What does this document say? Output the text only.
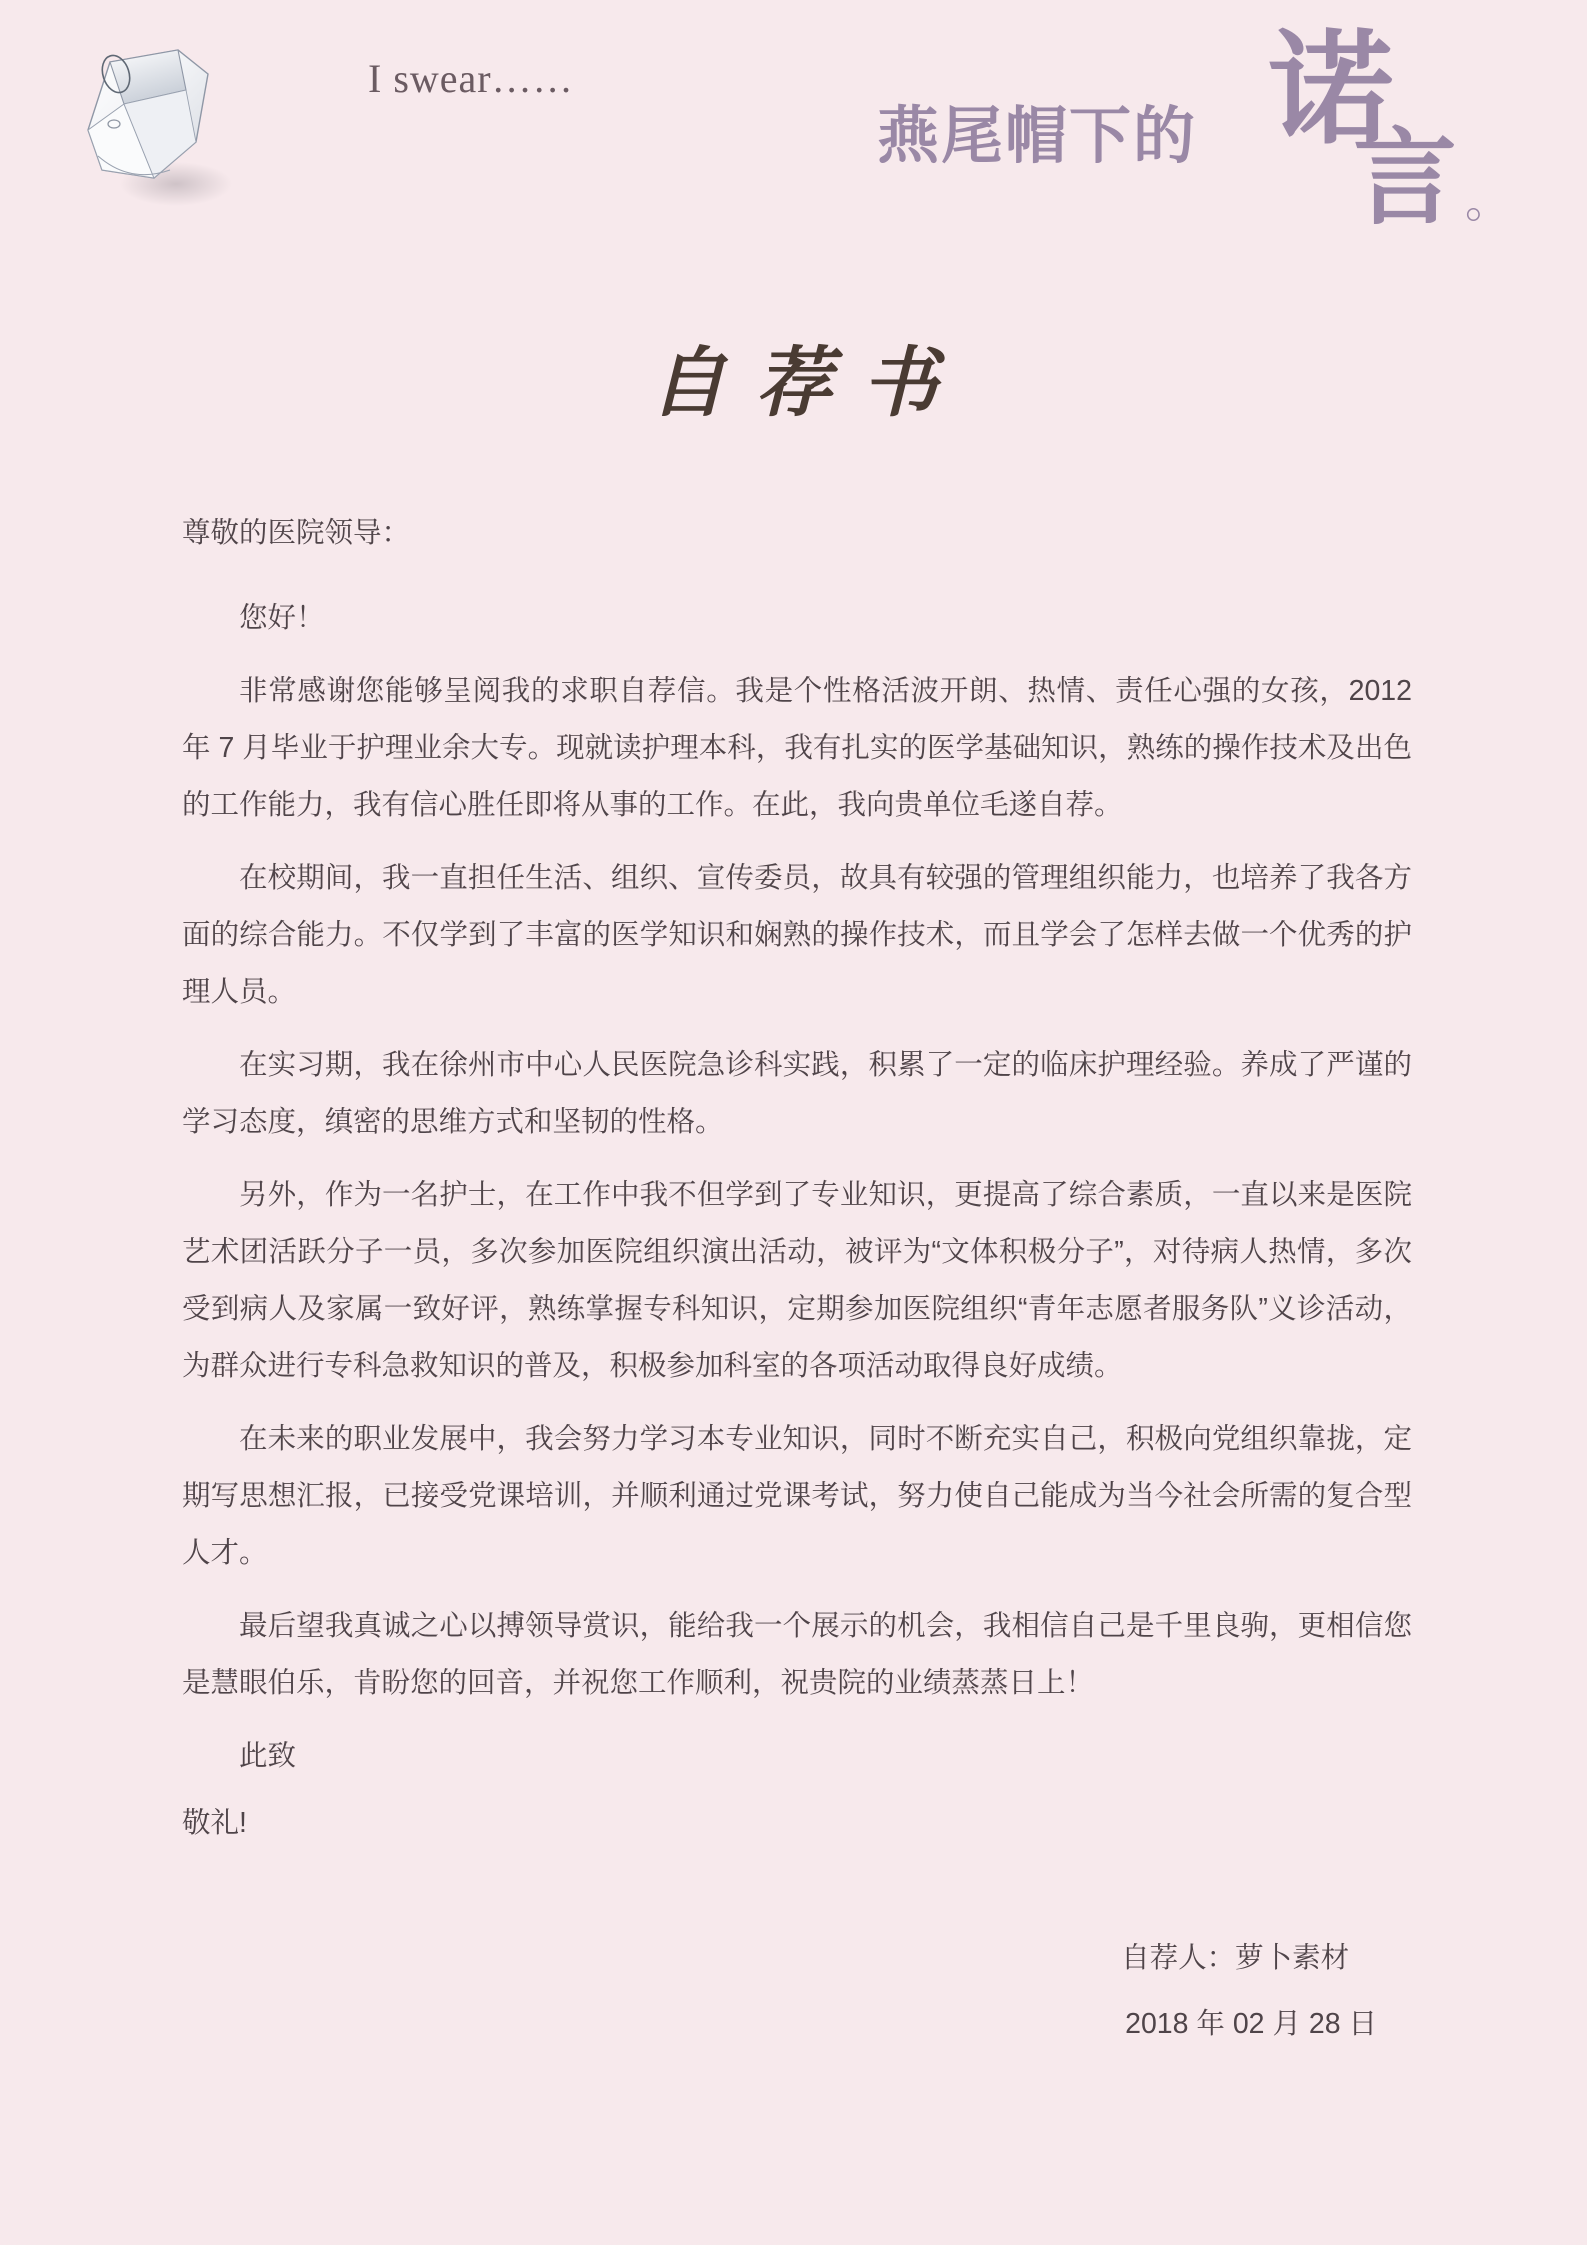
I swear……
燕尾帽下的 诺
言 。
自荐书

尊敬的医院领导：

您好！

非常感谢您能够呈阅我的求职自荐信。我是个性格活波开朗、热情、责任心强的女孩，2012 年 7 月毕业于护理业余大专。现就读护理本科，我有扎实的医学基础知识，熟练的操作技术及出色的工作能力，我有信心胜任即将从事的工作。在此，我向贵单位毛遂自荐。

在校期间，我一直担任生活、组织、宣传委员，故具有较强的管理组织能力，也培养了我各方面的综合能力。不仅学到了丰富的医学知识和娴熟的操作技术，而且学会了怎样去做一个优秀的护理人员。

在实习期，我在徐州市中心人民医院急诊科实践，积累了一定的临床护理经验。养成了严谨的学习态度，缜密的思维方式和坚韧的性格。

另外，作为一名护士，在工作中我不但学到了专业知识，更提高了综合素质，一直以来是医院艺术团活跃分子一员，多次参加医院组织演出活动，被评为“文体积极分子”，对待病人热情，多次受到病人及家属一致好评，熟练掌握专科知识，定期参加医院组织“青年志愿者服务队”义诊活动，为群众进行专科急救知识的普及，积极参加科室的各项活动取得良好成绩。

在未来的职业发展中，我会努力学习本专业知识，同时不断充实自己，积极向党组织靠拢，定期写思想汇报，已接受党课培训，并顺利通过党课考试，努力使自己能成为当今社会所需的复合型人才。

最后望我真诚之心以搏领导赏识，能给我一个展示的机会，我相信自己是千里良驹，更相信您是慧眼伯乐，肯盼您的回音，并祝您工作顺利，祝贵院的业绩蒸蒸日上！

此致

敬礼!

自荐人：萝卜素材
2018 年 02 月 28 日
